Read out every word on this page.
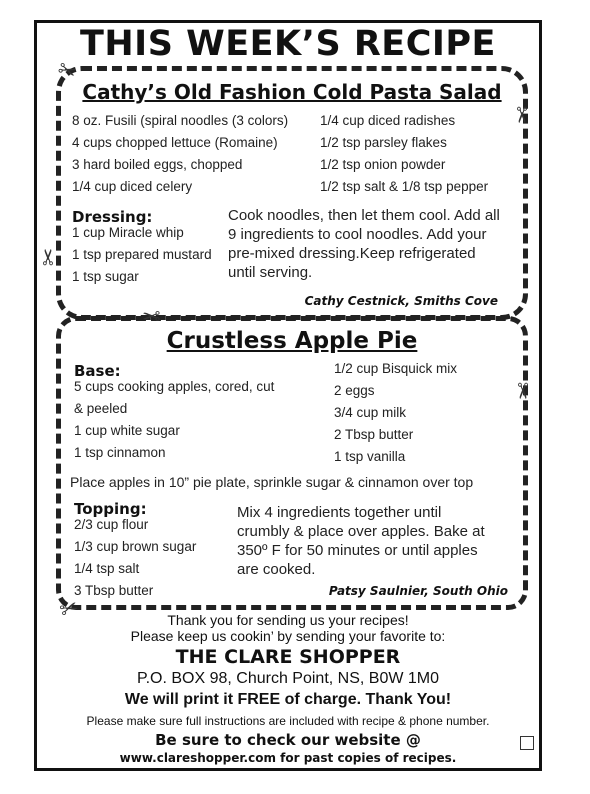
THIS WEEK’S RECIPE
Cathy’s Old Fashion Cold Pasta Salad
8 oz. Fusili (spiral noodles (3 colors)
4 cups chopped lettuce (Romaine)
3 hard boiled eggs, chopped
1/4 cup diced celery
1/4 cup diced radishes
1/2 tsp parsley flakes
1/2 tsp onion powder
1/2 tsp salt & 1/8 tsp pepper
Dressing:
1 cup Miracle whip
1 tsp prepared mustard
1 tsp sugar
Cook noodles, then let them cool. Add all 9 ingredients to cool noodles. Add your pre-mixed dressing.Keep refrigerated until serving.
Cathy Cestnick, Smiths Cove
Crustless Apple Pie
Base:
5 cups cooking apples, cored, cut
& peeled
1 cup white sugar
1 tsp cinnamon
1/2 cup Bisquick mix
2 eggs
3/4 cup milk
2 Tbsp butter
1 tsp vanilla
Place apples in 10” pie plate, sprinkle sugar & cinnamon over top
Topping:
2/3 cup flour
1/3 cup brown sugar
1/4 tsp salt
3 Tbsp butter
Mix 4 ingredients together until crumbly & place over apples. Bake at 350º F for 50 minutes or until apples are cooked.
Patsy Saulnier, South Ohio
✂
✂
✂
✂
✂
✂	Thank you for sending us your recipes!
Please keep us cookin’ by sending your favorite to:
THE CLARE SHOPPER
P.O. BOX 98, Church Point, NS, B0W 1M0
We will print it FREE of charge. Thank You!
Please make sure full instructions are included with recipe & phone number.
Be sure to check our website @
www.clareshopper.com for past copies of recipes.
